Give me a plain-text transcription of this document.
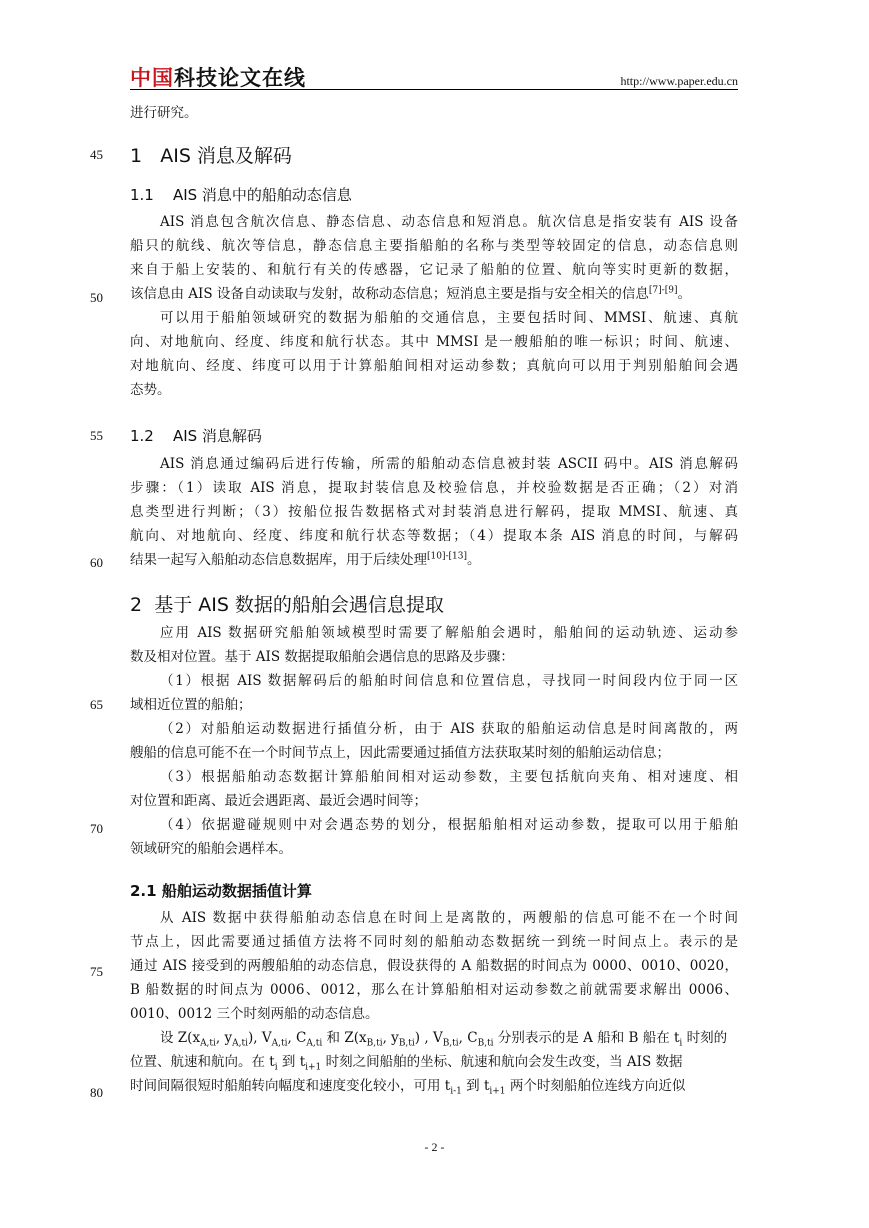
中国科技论文在线	http://www.paper.edu.cn
45
50
55
60
65
70
75
80
进行研究。
1 AIS 消息及解码
1.1 AIS 消息中的船舶动态信息
AIS 消息包含航次信息、静态信息、动态信息和短消息。航次信息是指安装有 AIS 设备
船只的航线、航次等信息，静态信息主要指船舶的名称与类型等较固定的信息，动态信息则
来自于船上安装的、和航行有关的传感器，它记录了船舶的位置、航向等实时更新的数据，
该信息由 AIS 设备自动读取与发射，故称动态信息；短消息主要是指与安全相关的信息[7]-[9]。
可以用于船舶领域研究的数据为船舶的交通信息，主要包括时间、MMSI、航速、真航
向、对地航向、经度、纬度和航行状态。其中 MMSI 是一艘船舶的唯一标识；时间、航速、
对地航向、经度、纬度可以用于计算船舶间相对运动参数；真航向可以用于判别船舶间会遇
态势。
1.2 AIS 消息解码
AIS 消息通过编码后进行传输，所需的船舶动态信息被封装 ASCII 码中。AIS 消息解码
步骤：（1）读取 AIS 消息，提取封装信息及校验信息，并校验数据是否正确；（2）对消
息类型进行判断；（3）按船位报告数据格式对封装消息进行解码，提取 MMSI、航速、真
航向、对地航向、经度、纬度和航行状态等数据；（4）提取本条 AIS 消息的时间，与解码
结果一起写入船舶动态信息数据库，用于后续处理[10]-[13]。
2 基于 AIS 数据的船舶会遇信息提取
应用 AIS 数据研究船舶领域模型时需要了解船舶会遇时，船舶间的运动轨迹、运动参
数及相对位置。基于 AIS 数据提取船舶会遇信息的思路及步骤：
（1）根据 AIS 数据解码后的船舶时间信息和位置信息，寻找同一时间段内位于同一区
域相近位置的船舶；
（2）对船舶运动数据进行插值分析，由于 AIS 获取的船舶运动信息是时间离散的，两
艘船的信息可能不在一个时间节点上，因此需要通过插值方法获取某时刻的船舶运动信息；
（3）根据船舶动态数据计算船舶间相对运动参数，主要包括航向夹角、相对速度、相
对位置和距离、最近会遇距离、最近会遇时间等；
（4）依据避碰规则中对会遇态势的划分，根据船舶相对运动参数，提取可以用于船舶
领域研究的船舶会遇样本。
2.1 船舶运动数据插值计算
从 AIS 数据中获得船舶动态信息在时间上是离散的，两艘船的信息可能不在一个时间
节点上，因此需要通过插值方法将不同时刻的船舶动态数据统一到统一时间点上。表示的是
通过 AIS 接受到的两艘船舶的动态信息，假设获得的 A 船数据的时间点为 0000、0010、0020，
B 船数据的时间点为 0006、0012，那么在计算船舶相对运动参数之前就需要求解出 0006、
0010、0012 三个时刻两船的动态信息。
设 $Z(x_{A,ti}$, $y_{A,ti}$), $V_{A,ti}$, $C_{A,ti}$ 和 $Z(x_{B,ti}$, $y_{B,ti}$) , $V_{B,ti}$, $C_{B,ti}$ 分别表示的是 A 船和 B 船在 $t_i$ 时刻的
位置、航速和航向。在 $t_i$ 到 $t_{i+1}$ 时刻之间船舶的坐标、航速和航向会发生改变，当 AIS 数据
时间间隔很短时船舶转向幅度和速度变化较小，可用 $t_{i-1}$ 到 $t_{i+1}$ 两个时刻船舶位连线方向近似
- 2 -
